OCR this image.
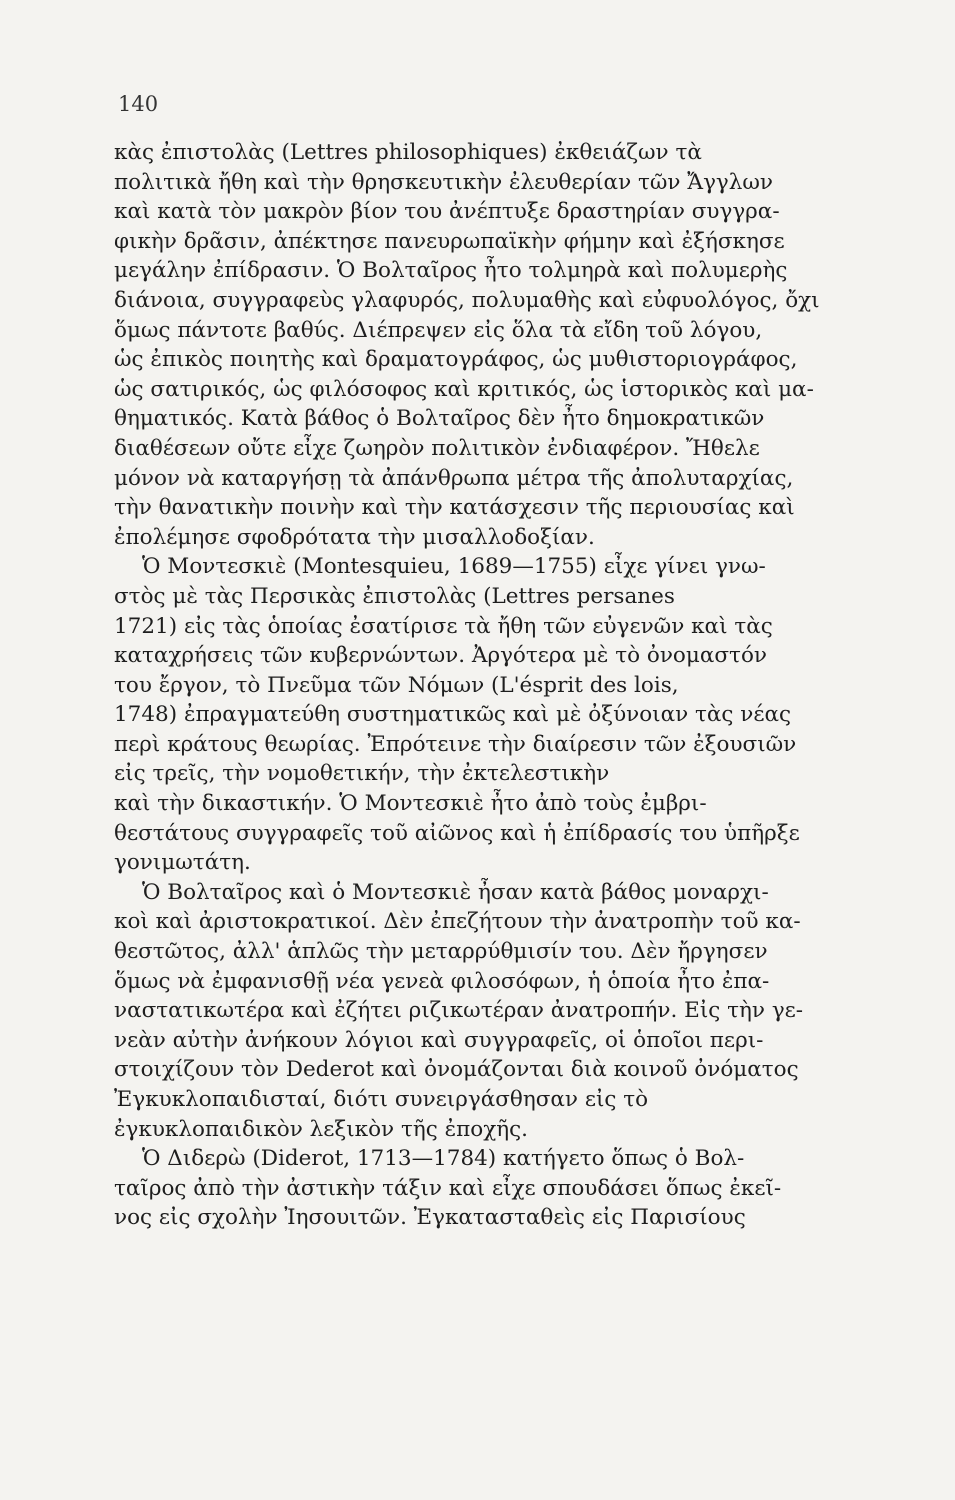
140

κὰς ἐπιστολὰς (Lettres philosophiques) ἐκθειάζων τὰ
πολιτικὰ ἤθη καὶ τὴν θρησκευτικὴν ἐλευθερίαν τῶν Ἄγγλων
καὶ κατὰ τὸν μακρὸν βίον του ἀνέπτυξε δραστηρίαν συγγρα-
φικὴν δρᾶσιν, ἀπέκτησε πανευρωπαϊκὴν φήμην καὶ ἐξήσκησε
μεγάλην ἐπίδρασιν. Ὁ Βολταῖρος ἦτο τολμηρὰ καὶ πολυμερὴς
διάνοια, συγγραφεὺς γλαφυρός, πολυμαθὴς καὶ εὐφυολόγος, ὄχι
ὅμως πάντοτε βαθύς. Διέπρεψεν εἰς ὅλα τὰ εἴδη τοῦ λόγου,
ὡς ἐπικὸς ποιητὴς καὶ δραματογράφος, ὡς μυθιστοριογράφος,
ὡς σατιρικός, ὡς φιλόσοφος καὶ κριτικός, ὡς ἱστορικὸς καὶ μα-
θηματικός. Κατὰ βάθος ὁ Βολταῖρος δὲν ἦτο δημοκρατικῶν
διαθέσεων οὔτε εἶχε ζωηρὸν πολιτικὸν ἐνδιαφέρον. Ἤθελε
μόνον νὰ καταργήσῃ τὰ ἀπάνθρωπα μέτρα τῆς ἀπολυταρχίας,
τὴν θανατικὴν ποινὴν καὶ τὴν κατάσχεσιν τῆς περιουσίας καὶ
ἐπολέμησε σφοδρότατα τὴν μισαλλοδοξίαν.

Ὁ Μοντεσκιὲ (Montesquieu, 1689—1755) εἶχε γίνει γνω-
στὸς μὲ τὰς Περσικὰς ἐπιστολὰς (Lettres persanes
1721) εἰς τὰς ὁποίας ἐσατίρισε τὰ ἤθη τῶν εὐγενῶν καὶ τὰς
καταχρήσεις τῶν κυβερνώντων. Ἀργότερα μὲ τὸ ὀνομαστόν
του ἔργον, τὸ Πνεῦμα τῶν Νόμων (L'ésprit des lois,
1748) ἐπραγματεύθη συστηματικῶς καὶ μὲ ὀξύνοιαν τὰς νέας
περὶ κράτους θεωρίας. Ἐπρότεινε τὴν διαίρεσιν τῶν ἐξουσιῶν
εἰς τρεῖς, τὴν νομοθετικήν, τὴν ἐκτελεστικὴν
καὶ τὴν δικαστικήν. Ὁ Μοντεσκιὲ ἦτο ἀπὸ τοὺς ἐμβρι-
θεστάτους συγγραφεῖς τοῦ αἰῶνος καὶ ἡ ἐπίδρασίς του ὑπῆρξε
γονιμωτάτη.

Ὁ Βολταῖρος καὶ ὁ Μοντεσκιὲ ἦσαν κατὰ βάθος μοναρχι-
κοὶ καὶ ἀριστοκρατικοί. Δὲν ἐπεζήτουν τὴν ἀνατροπὴν τοῦ κα-
θεστῶτος, ἀλλ' ἁπλῶς τὴν μεταρρύθμισίν του. Δὲν ἤργησεν
ὅμως νὰ ἐμφανισθῇ νέα γενεὰ φιλοσόφων, ἡ ὁποία ἦτο ἐπα-
ναστατικωτέρα καὶ ἐζήτει ριζικωτέραν ἀνατροπήν. Εἰς τὴν γε-
νεὰν αὐτὴν ἀνήκουν λόγιοι καὶ συγγραφεῖς, οἱ ὁποῖοι περι-
στοιχίζουν τὸν Dederot καὶ ὀνομάζονται διὰ κοινοῦ ὀνόματος
Ἐγκυκλοπαιδισταί, διότι συνειργάσθησαν εἰς τὸ
ἐγκυκλοπαιδικὸν λεξικὸν τῆς ἐποχῆς.

Ὁ Διδερὼ (Diderot, 1713—1784) κατήγετο ὅπως ὁ Βολ-
ταῖρος ἀπὸ τὴν ἀστικὴν τάξιν καὶ εἶχε σπουδάσει ὅπως ἐκεῖ-
νος εἰς σχολὴν Ἰησουιτῶν. Ἐγκατασταθεὶς εἰς Παρισίους
